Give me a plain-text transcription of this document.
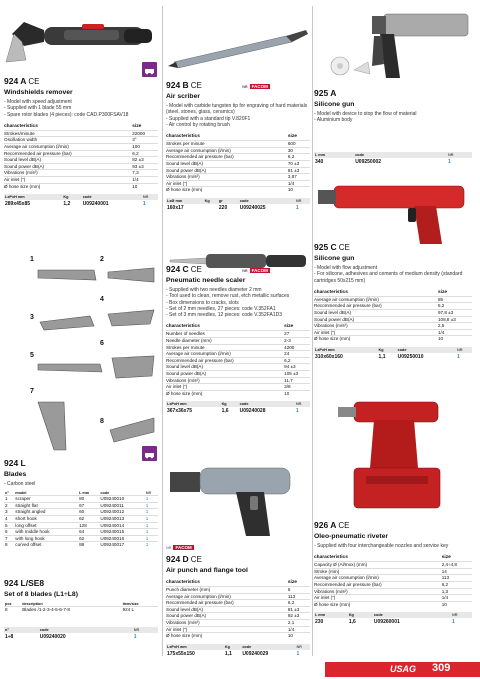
924 A CE
Windshields remover
- Model with speed adjustment
- Supplied with 1 blade 55 mm
- Spare rotor blades (4 pieces): code CAD.P300FSAV18
characteristics	size
Strokes/minute	22000
Oscillation width	3°
Average air consumption (l/min)	100
Recommended air pressure (bar)	6,2
Sound level dB(A)	82 ±3
Sound power dB(A)	93 ±3
Vibrations (m/s²)	7,3
Air inlet (")	1/4
Ø hose size (mm)	10
LxPxH mm	Kg	code	NR
289x45x85	1,2	U09240001	1
1	2
3
4
5
6
7
8
924 L
Blades
- Carbon steel
n°	model	L mm	code	NR
1	scraper	80	U09240010	1
2	straight flat	67	U09240011	1
3	straight angled	60	U09240012	1
4	short hook	62	U09240013	1
5	long offset	128	U09240014	1
6	with middle hook	64	U09240015	1
7	with long hook	62	U09240016	1
8	curved offset	88	U09240017	1
924 L/SE8
Set of 8 blades (L1÷L8)
pcs	description	item/size
8	Blades /1-2-3-4-5-6-7-8	924 L
n°	code	NR
1÷8	U09240020	1
924 B CE	NR FACOM
Air scriber
- Model with carbide tungsten tip for engraving of hard materials (steel, stones, glass, ceramics)
- Supplied with a standard tip V.820F1
- Air control by rotating brush
characteristics	size
Strokes per minute	600
Average air consumption (l/min)	30
Recommended air pressure (bar)	6,2
Sound level dB(A)	70 ±3
Sound power dB(A)	81 ±3
Vibrations (m/s²)	3,87
Air inlet (")	1/4
Ø hose size (mm)	10
LxØ mm	Kg	gr	code	NR
160x17		220	U09240025	1
924 C CE	NR FACOM
Pneumatic needle scaler
- Supplied with two needles diameter 2 mm
- Tool used to clean, remove rust, etch metallic surfaces
- Box dimensions to cracks, slots
- Set of 2 mm needles, 27 pieces: code V.352FA1
- Set of 3 mm needles, 12 pieces: code V.352FA1D3
characteristics	size
Number of needles	27
Needle diameter (mm)	2-3
Strokes per minute	4200
Average air consumption (l/min)	24
Recommended air pressure (bar)	6,2
Sound level dB(A)	94 ±3
Sound power dB(A)	105 ±3
Vibrations (m/s²)	11,7
Air inlet (")	3/8
Ø hose size (mm)	10
LxPxH mm	Kg	code	NR
367x36x75	1,6	U09240028	1
NR FACOM
924 D CE
Air punch and flange tool
characteristics	size
Punch diameter (mm)	6
Average air consumption (l/min)	113
Recommended air pressure (bar)	6,2
Sound level dB(A)	81 ±3
Sound power dB(A)	92 ±3
Vibrations (m/s²)	2,1
Air inlet (")	1/4
Ø hose size (mm)	10
LxPxH mm	Kg	code	NR
175x55x150	1,1	U09240029	1
925 A
Silicone gun
- Model with device to stop the flow of material
- Aluminium body
L mm	code	NR
340	U09250002	1
925 C CE
Silicone gun
- Model with flow adjustment
- For silicone, adhesives and cements of medium density (standard cartridges 50x215 mm)
characteristics	size
Average air consumption (l/min)	85
Recommended air pressure (bar)	6,2
Sound level dB(A)	97,8 ±3
Sound power dB(A)	108,8 ±3
Vibrations (m/s²)	2,5
Air inlet (")	1/4
Ø hose size (mm)	10
LxPxH mm	Kg	code	NR
310x60x160	1,1	U09250010	1
926 A CE
Oleo-pneumatic riveter
- Supplied with four interchangeable nozzles and service key
characteristics	size
Capacity Ø (Al/Inox) (mm)	2,4÷4,8
Stroke (mm)	14
Average air consumption (l/min)	113
Recommended air pressure (bar)	6,2
Vibrations (m/s²)	1,3
Air inlet (")	1/4
Ø hose size (mm)	10
L mm	Kg	code	NR
230	1,6	U09260001	1
USAG 309
